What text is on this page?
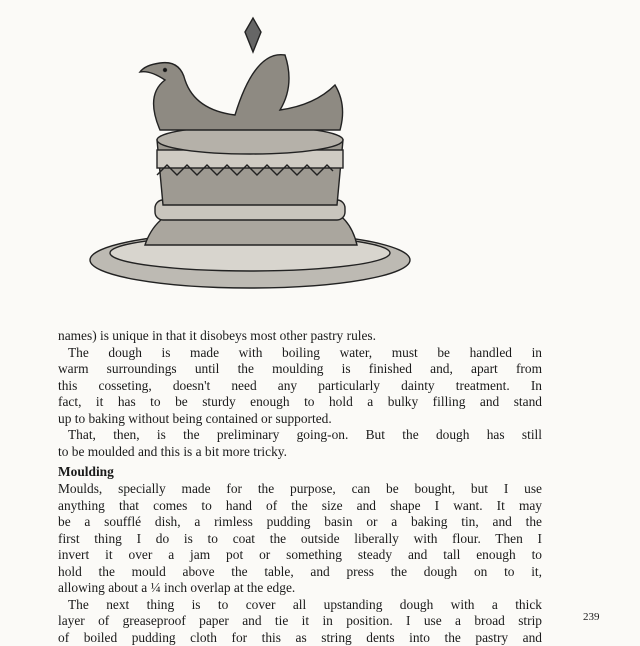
names) is unique in that it disobeys most other pastry rules.
The dough is made with boiling water, must be handled in
warm surroundings until the moulding is finished and, apart from
this cosseting, doesn't need any particularly dainty treatment. In
fact, it has to be sturdy enough to hold a bulky filling and stand
up to baking without being contained or supported.
That, then, is the preliminary going-on. But the dough has still
to be moulded and this is a bit more tricky.
Moulding
Moulds, specially made for the purpose, can be bought, but I use
anything that comes to hand of the size and shape I want. It may
be a soufflé dish, a rimless pudding basin or a baking tin, and the
first thing I do is to coat the outside liberally with flour. Then I
invert it over a jam pot or something steady and tall enough to
hold the mould above the table, and press the dough on to it,
allowing about a ¼ inch overlap at the edge.
The next thing is to cover all upstanding dough with a thick
layer of greaseproof paper and tie it in position. I use a broad strip
of boiled pudding cloth for this as string dents into the pastry and
239
